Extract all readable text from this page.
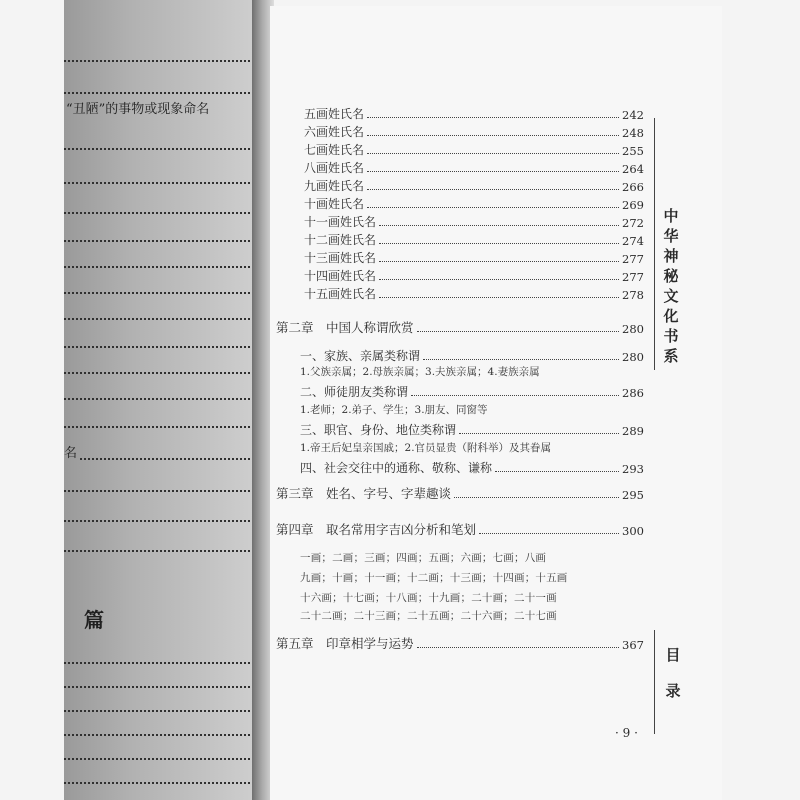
“丑陋”的事物或现象命名
名
篇
五画姓氏名	242
六画姓氏名	248
七画姓氏名	255
八画姓氏名	264
九画姓氏名	266
十画姓氏名	269
十一画姓氏名	272
十二画姓氏名	274
十三画姓氏名	277
十四画姓氏名	277
十五画姓氏名	278
第二章　中国人称谓欣赏	280
一、家族、亲属类称谓	280
1.父族亲属；2.母族亲属；3.夫族亲属；4.妻族亲属
二、师徒朋友类称谓	286
1.老师；2.弟子、学生；3.朋友、同窗等
三、职官、身份、地位类称谓	289
1.帝王后妃皇亲国戚；2.官员显贵（附科举）及其眷属
四、社会交往中的通称、敬称、谦称	293
第三章　姓名、字号、字辈趣谈	295
第四章　取名常用字吉凶分析和笔划	300
一画；二画；三画；四画；五画；六画；七画；八画
九画；十画；十一画；十二画；十三画；十四画；十五画
十六画；十七画；十八画；十九画；二十画；二十一画
二十二画；二十三画；二十五画；二十六画；二十七画
第五章　印章相学与运势	367
中
华
神
秘
文
化
书
系
目
录
· 9 ·
